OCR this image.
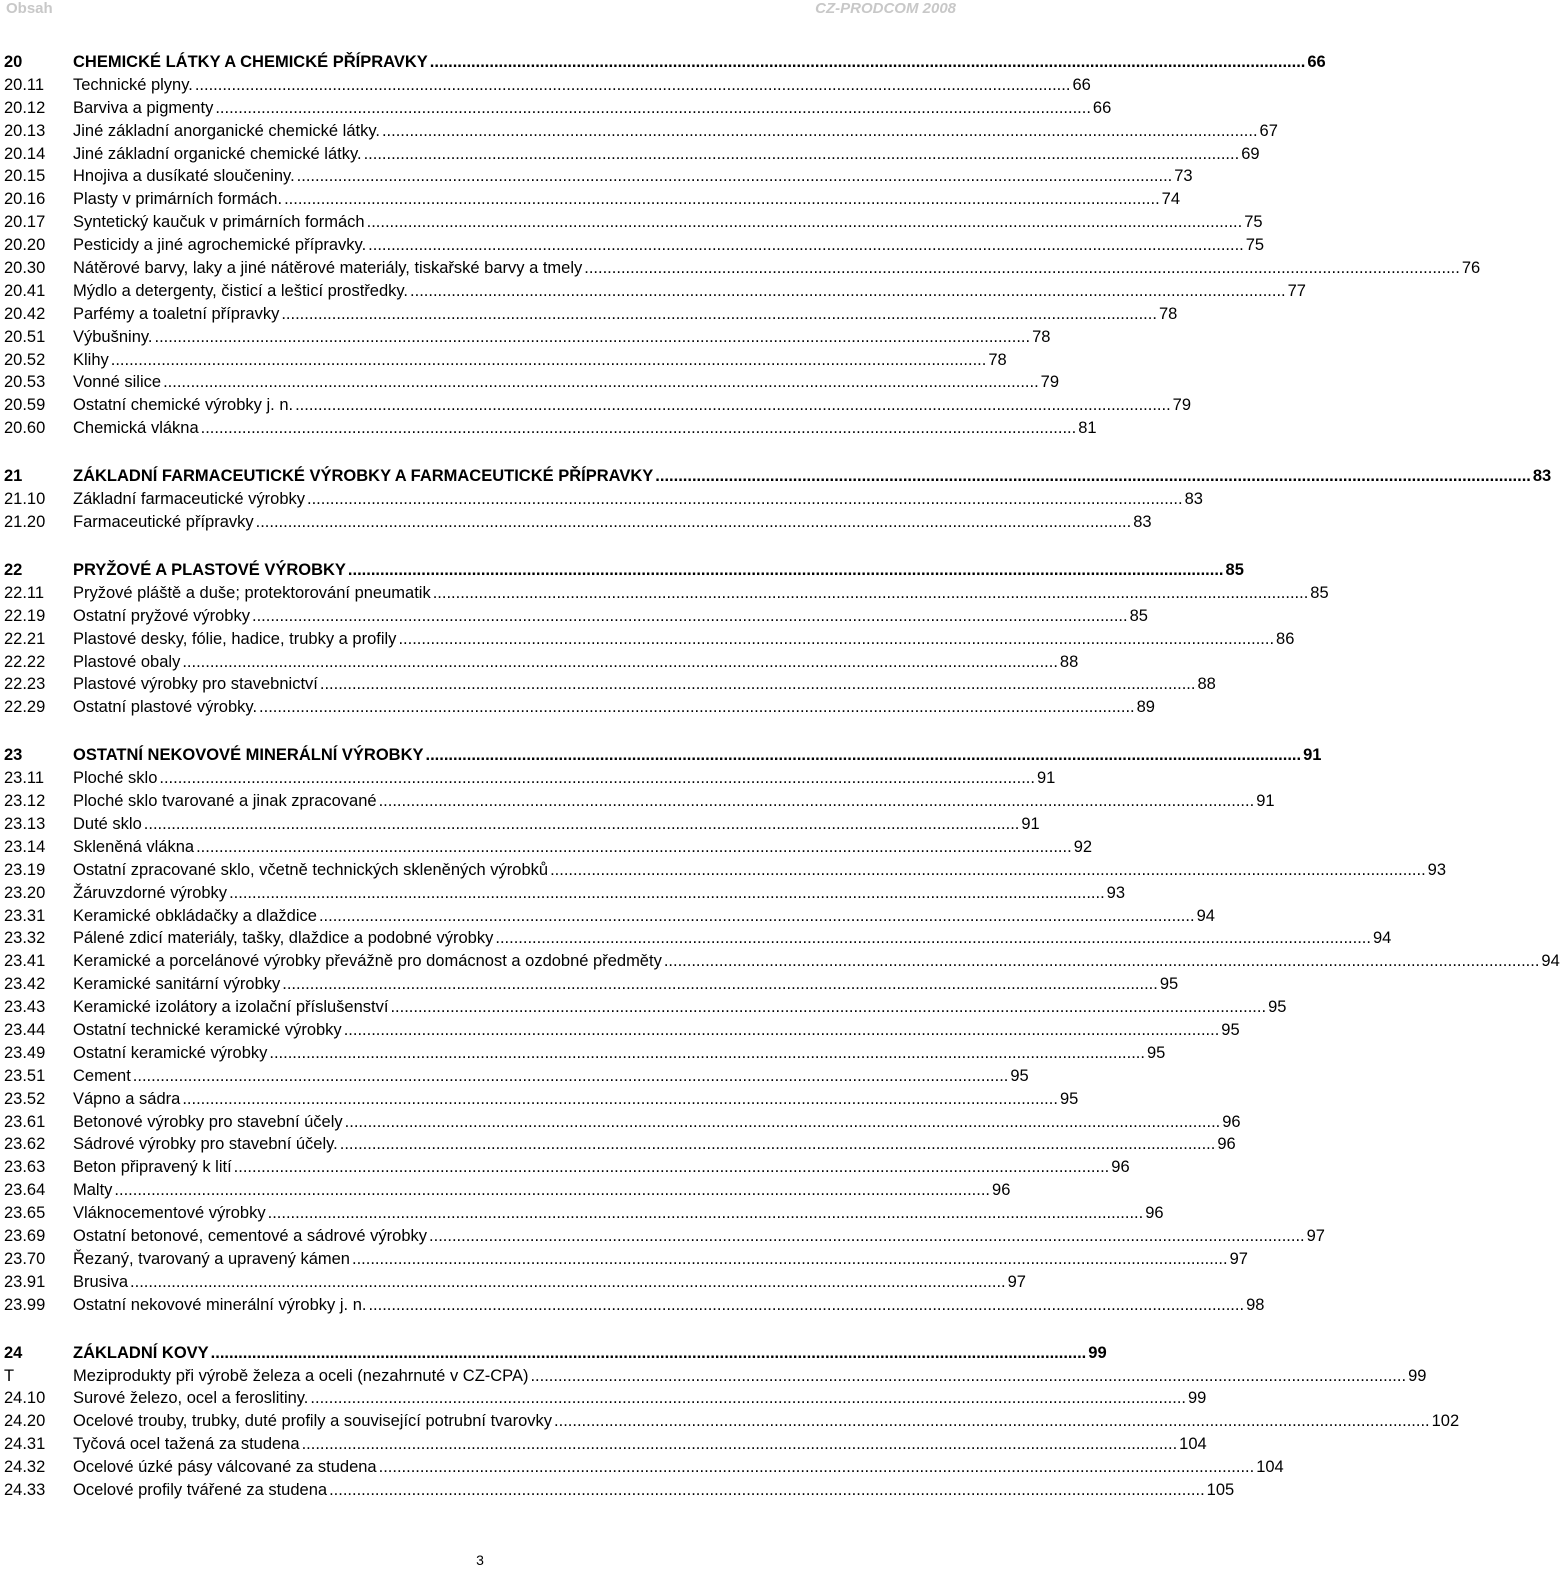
Obsah	CZ-PRODCOM 2008
20	CHEMICKÉ LÁTKY A CHEMICKÉ PŘÍPRAVKY .....	66
20.11	Technické plyny. .....	66
20.12	Barviva a pigmenty .....	66
20.13	Jiné základní anorganické chemické látky. .....	67
20.14	Jiné základní organické chemické látky. .....	69
20.15	Hnojiva a dusíkaté sloučeniny. .....	73
20.16	Plasty v primárních formách. .....	74
20.17	Syntetický kaučuk v primárních formách .....	75
20.20	Pesticidy a jiné agrochemické přípravky. .....	75
20.30	Nátěrové barvy, laky a jiné nátěrové materiály, tiskařské barvy a tmely .....	76
20.41	Mýdlo a detergenty, čisticí a lešticí prostředky. .....	77
20.42	Parfémy a toaletní přípravky .....	78
20.51	Výbušniny. .....	78
20.52	Klihy .....	78
20.53	Vonné silice .....	79
20.59	Ostatní chemické výrobky j. n. .....	79
20.60	Chemická vlákna .....	81
21	ZÁKLADNÍ FARMACEUTICKÉ VÝROBKY A FARMACEUTICKÉ PŘÍPRAVKY .....	83
21.10	Základní farmaceutické výrobky .....	83
21.20	Farmaceutické přípravky .....	83
22	PRYŽOVÉ A PLASTOVÉ VÝROBKY .....	85
22.11	Pryžové pláště a duše; protektorování pneumatik .....	85
22.19	Ostatní pryžové výrobky .....	85
22.21	Plastové desky, fólie, hadice, trubky a profily .....	86
22.22	Plastové obaly .....	88
22.23	Plastové výrobky pro stavebnictví .....	88
22.29	Ostatní plastové výrobky. .....	89
23	OSTATNÍ NEKOVOVÉ MINERÁLNÍ VÝROBKY .....	91
23.11	Ploché sklo .....	91
23.12	Ploché sklo tvarované a jinak zpracované .....	91
23.13	Duté sklo .....	91
23.14	Skleněná vlákna .....	92
23.19	Ostatní zpracované sklo, včetně technických skleněných výrobků .....	93
23.20	Žáruvzdorné výrobky .....	93
23.31	Keramické obkládačky a dlaždice .....	94
23.32	Pálené zdicí materiály, tašky, dlaždice a podobné výrobky .....	94
23.41	Keramické a porcelánové výrobky převážně pro domácnost a ozdobné předměty .....	94
23.42	Keramické sanitární výrobky .....	95
23.43	Keramické izolátory a izolační příslušenství .....	95
23.44	Ostatní technické keramické výrobky .....	95
23.49	Ostatní keramické výrobky .....	95
23.51	Cement .....	95
23.52	Vápno a sádra .....	95
23.61	Betonové výrobky pro stavební účely .....	96
23.62	Sádrové výrobky pro stavební účely. .....	96
23.63	Beton připravený k lití .....	96
23.64	Malty .....	96
23.65	Vláknocementové výrobky .....	96
23.69	Ostatní betonové, cementové a sádrové výrobky .....	97
23.70	Řezaný, tvarovaný a upravený kámen .....	97
23.91	Brusiva .....	97
23.99	Ostatní nekovové minerální výrobky j. n. .....	98
24	ZÁKLADNÍ KOVY .....	99
T	Meziprodukty při výrobě železa a oceli (nezahrnuté v CZ-CPA) .....	99
24.10	Surové železo, ocel a feroslitiny. .....	99
24.20	Ocelové trouby, trubky, duté profily a související potrubní tvarovky .....	102
24.31	Tyčová ocel tažená za studena .....	104
24.32	Ocelové úzké pásy válcované za studena .....	104
24.33	Ocelové profily tvářené za studena .....	105
3
